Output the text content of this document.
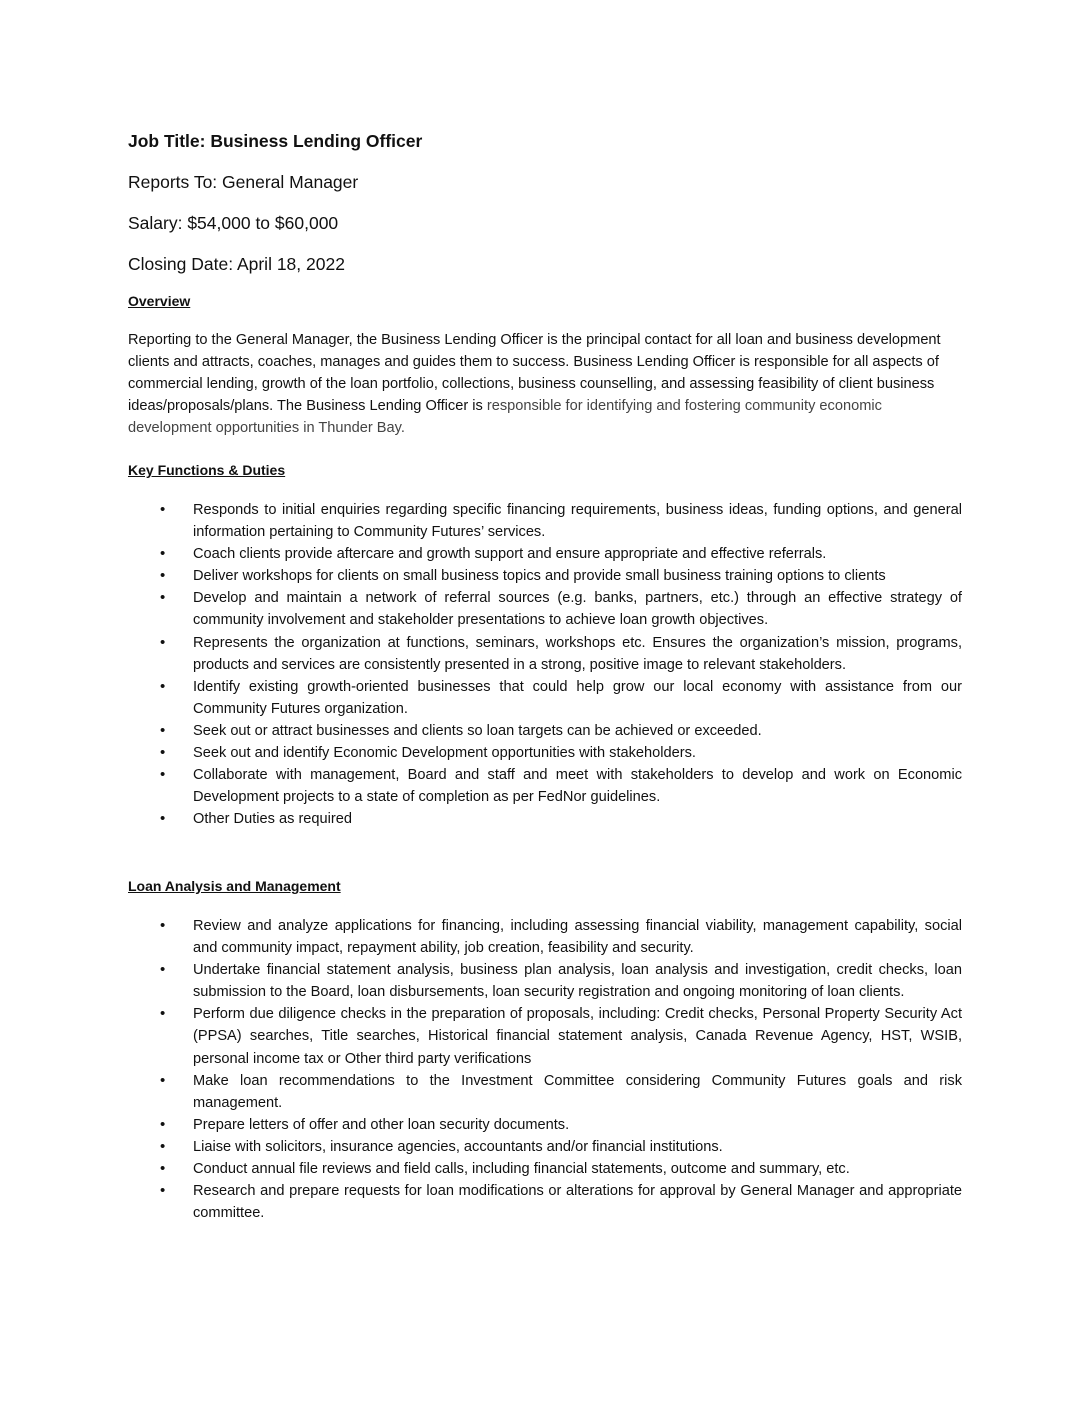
Job Title: Business Lending Officer
Reports To: General Manager
Salary: $54,000 to $60,000
Closing Date: April 18, 2022
Overview
Reporting to the General Manager, the Business Lending Officer is the principal contact for all loan and business development clients and attracts, coaches, manages and guides them to success. Business Lending Officer is responsible for all aspects of commercial lending, growth of the loan portfolio, collections, business counselling, and assessing feasibility of client business ideas/proposals/plans. The Business Lending Officer is responsible for identifying and fostering community economic development opportunities in Thunder Bay.
Key Functions & Duties
• Responds to initial enquiries regarding specific financing requirements, business ideas, funding options, and general information pertaining to Community Futures’ services.
• Coach clients provide aftercare and growth support and ensure appropriate and effective referrals.
• Deliver workshops for clients on small business topics and provide small business training options to clients
• Develop and maintain a network of referral sources (e.g. banks, partners, etc.) through an effective strategy of community involvement and stakeholder presentations to achieve loan growth objectives.
• Represents the organization at functions, seminars, workshops etc. Ensures the organization’s mission, programs, products and services are consistently presented in a strong, positive image to relevant stakeholders.
• Identify existing growth-oriented businesses that could help grow our local economy with assistance from our Community Futures organization.
• Seek out or attract businesses and clients so loan targets can be achieved or exceeded.
• Seek out and identify Economic Development opportunities with stakeholders.
• Collaborate with management, Board and staff and meet with stakeholders to develop and work on Economic Development projects to a state of completion as per FedNor guidelines.
• Other Duties as required
Loan Analysis and Management
• Review and analyze applications for financing, including assessing financial viability, management capability, social and community impact, repayment ability, job creation, feasibility and security.
• Undertake financial statement analysis, business plan analysis, loan analysis and investigation, credit checks, loan submission to the Board, loan disbursements, loan security registration and ongoing monitoring of loan clients.
• Perform due diligence checks in the preparation of proposals, including: Credit checks, Personal Property Security Act (PPSA) searches, Title searches, Historical financial statement analysis, Canada Revenue Agency, HST, WSIB, personal income tax or Other third party verifications
• Make loan recommendations to the Investment Committee considering Community Futures goals and risk management.
• Prepare letters of offer and other loan security documents.
• Liaise with solicitors, insurance agencies, accountants and/or financial institutions.
• Conduct annual file reviews and field calls, including financial statements, outcome and summary, etc.
• Research and prepare requests for loan modifications or alterations for approval by General Manager and appropriate committee.
